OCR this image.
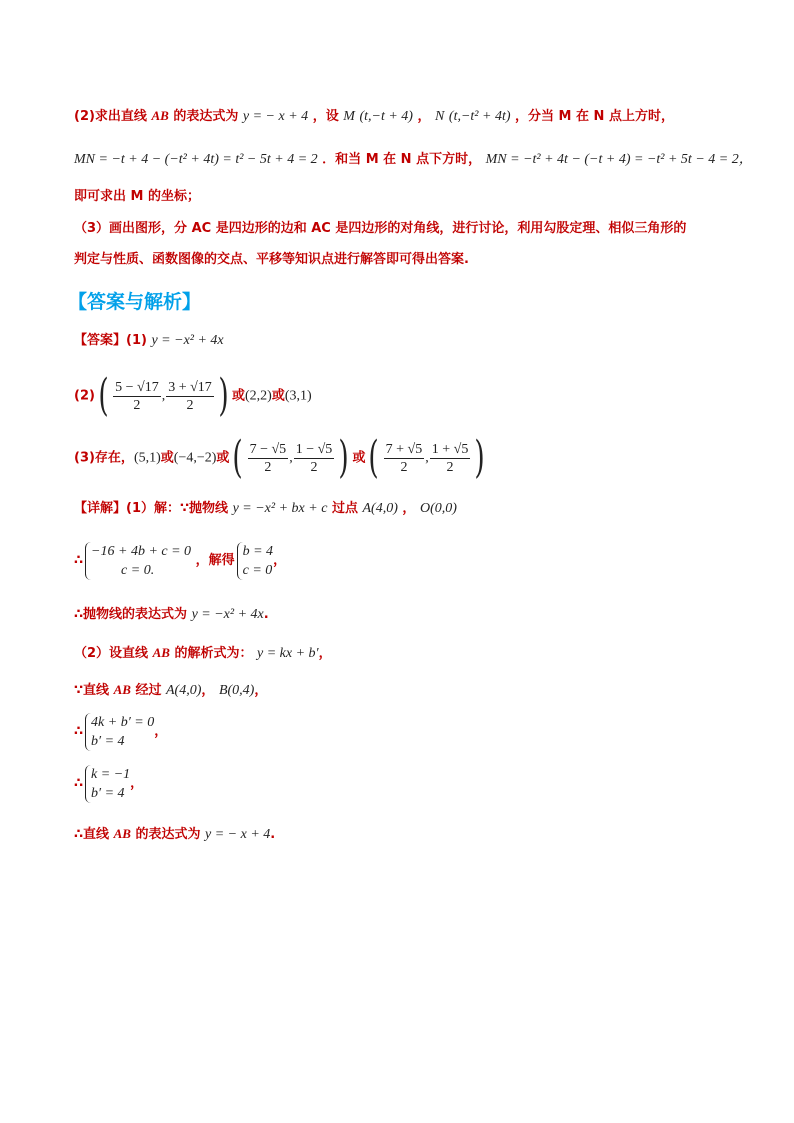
(2)求出直线 AB 的表达式为 y = − x + 4 ，设 M (t,−t + 4) ， N (t,−t² + 4t) ，分当 M 在 N 点上方时，
MN = −t + 4 − (−t² + 4t) = t² − 5t + 4 = 2 ．和当 M 在 N 点下方时， MN = −t² + 4t − (−t + 4) = −t² + 5t − 4 = 2，
即可求出 M 的坐标；
（3）画出图形，分 AC 是四边形的边和 AC 是四边形的对角线，进行讨论，利用勾股定理、相似三角形的
判定与性质、函数图像的交点、平移等知识点进行解答即可得出答案.
【答案与解析】
【答案】(1) y = −x² + 4x
$(2)( \frac{5 - √17}{2}$ , $\frac{3 + √17}{2}$ ) 或(2,2)或(3,1)
(3)存在，(5,1)或(−4,−2)或( $\frac{7 - √5}{2}$ , $\frac{1 - √5}{2}$ ) 或( $\frac{7 + √5}{2}$ , $\frac{1 + √5}{2}$ )
【详解】(1）解：∵抛物线 y = −x² + bx + c 过点 A(4,0) ， O(0,0)
∴
−16 + 4b + c = 0
c = 0.
，解得
b = 4
c = 0
，
∴抛物线的表达式为 y = −x² + 4x.
（2）设直线 AB 的解析式为： y = kx + b′，
∵直线 AB 经过 A(4,0)， B(0,4)，
∴
4k + b′ = 0
b′ = 4
，
∴
k = −1
b′ = 4
，
∴直线 AB 的表达式为 y = − x + 4.
